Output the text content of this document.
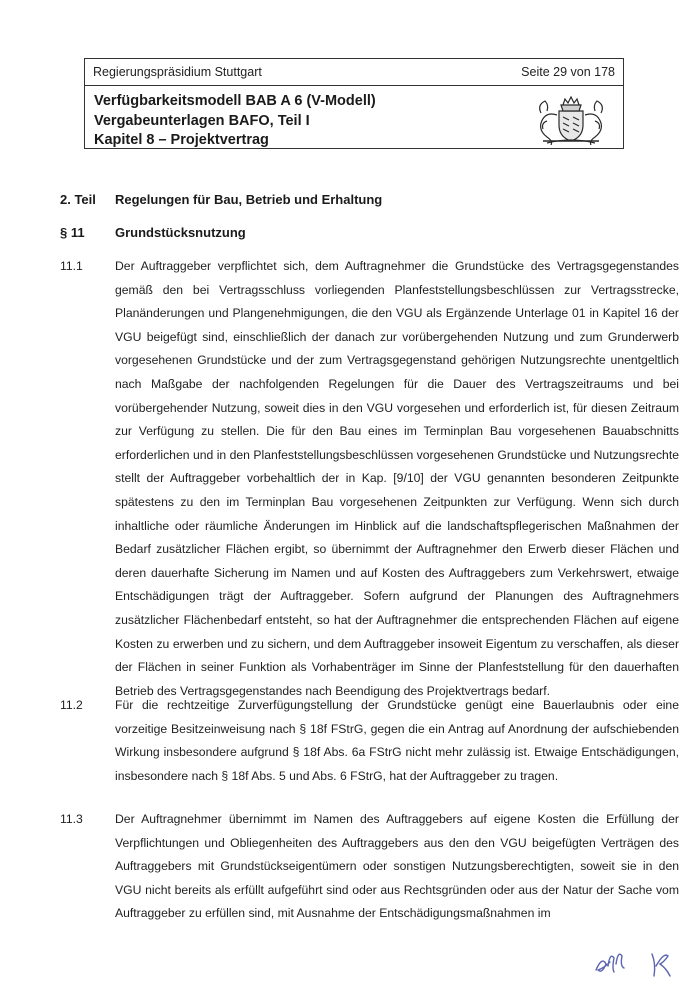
Regierungspräsidium Stuttgart	Seite 29 von 178
Verfügbarkeitsmodell BAB A 6 (V-Modell)
Vergabeunterlagen BAFO, Teil I
Kapitel 8 – Projektvertrag
2. Teil Regelungen für Bau, Betrieb und Erhaltung
§ 11 Grundstücksnutzung
11.1	Der Auftraggeber verpflichtet sich, dem Auftragnehmer die Grundstücke des Vertragsgegenstandes gemäß den bei Vertragsschluss vorliegenden Planfeststellungsbeschlüssen zur Vertragsstrecke, Planänderungen und Plangenehmigungen, die den VGU als Ergänzende Unterlage 01 in Kapitel 16 der VGU beigefügt sind, einschließlich der danach zur vorübergehenden Nutzung und zum Grunderwerb vorgesehenen Grundstücke und der zum Vertragsgegenstand gehörigen Nutzungsrechte unentgeltlich nach Maßgabe der nachfolgenden Regelungen für die Dauer des Vertragszeitraums und bei vorübergehender Nutzung, soweit dies in den VGU vorgesehen und erforderlich ist, für diesen Zeitraum zur Verfügung zu stellen. Die für den Bau eines im Terminplan Bau vorgesehenen Bauabschnitts erforderlichen und in den Planfeststellungsbeschlüssen vorgesehenen Grundstücke und Nutzungsrechte stellt der Auftraggeber vorbehaltlich der in Kap. [9/10] der VGU genannten besonderen Zeitpunkte spätestens zu den im Terminplan Bau vorgesehenen Zeitpunkten zur Verfügung. Wenn sich durch inhaltliche oder räumliche Änderungen im Hinblick auf die landschaftspflegerischen Maßnahmen der Bedarf zusätzlicher Flächen ergibt, so übernimmt der Auftragnehmer den Erwerb dieser Flächen und deren dauerhafte Sicherung im Namen und auf Kosten des Auftraggebers zum Verkehrswert, etwaige Entschädigungen trägt der Auftraggeber. Sofern aufgrund der Planungen des Auftragnehmers zusätzlicher Flächenbedarf entsteht, so hat der Auftragnehmer die entsprechenden Flächen auf eigene Kosten zu erwerben und zu sichern, und dem Auftraggeber insoweit Eigentum zu verschaffen, als dieser der Flächen in seiner Funktion als Vorhabenträger im Sinne der Planfeststellung für den dauerhaften Betrieb des Vertragsgegenstandes nach Beendigung des Projektvertrags bedarf.
11.2	Für die rechtzeitige Zurverfügungstellung der Grundstücke genügt eine Bauerlaubnis oder eine vorzeitige Besitzeinweisung nach § 18f FStrG, gegen die ein Antrag auf Anordnung der aufschiebenden Wirkung insbesondere aufgrund § 18f Abs. 6a FStrG nicht mehr zulässig ist. Etwaige Entschädigungen, insbesondere nach § 18f Abs. 5 und Abs. 6 FStrG, hat der Auftraggeber zu tragen.
11.3	Der Auftragnehmer übernimmt im Namen des Auftraggebers auf eigene Kosten die Erfüllung der Verpflichtungen und Obliegenheiten des Auftraggebers aus den den VGU beigefügten Verträgen des Auftraggebers mit Grundstückseigentümern oder sonstigen Nutzungsberechtigten, soweit sie in den VGU nicht bereits als erfüllt aufgeführt sind oder aus Rechtsgründen oder aus der Natur der Sache vom Auftraggeber zu erfüllen sind, mit Ausnahme der Entschädigungsmaßnahmen im
